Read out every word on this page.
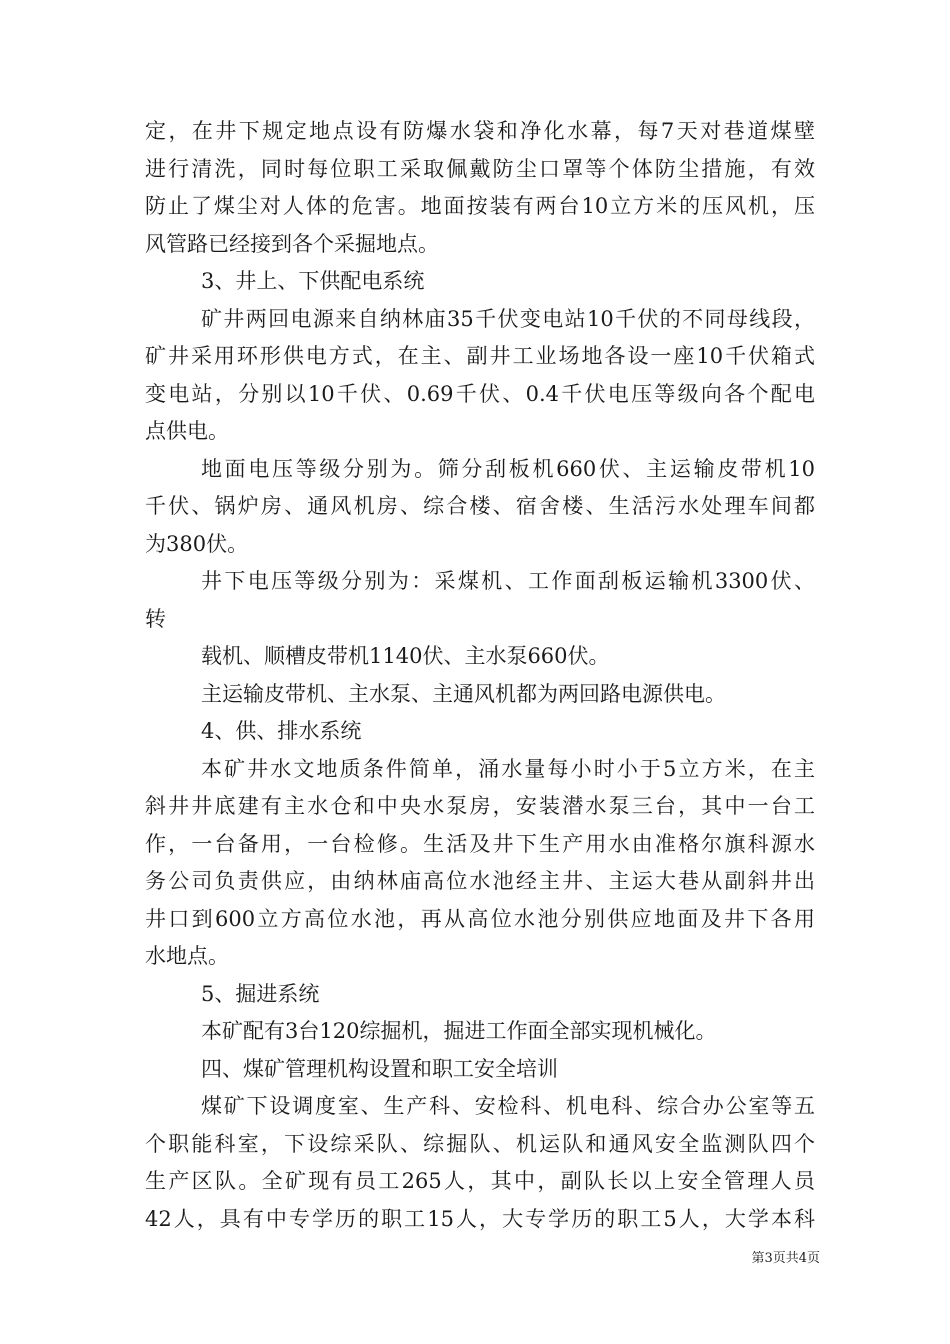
定，在井下规定地点设有防爆水袋和净化水幕，每7天对巷道煤壁
进行清洗，同时每位职工采取佩戴防尘口罩等个体防尘措施，有效
防止了煤尘对人体的危害。地面按装有两台10立方米的压风机，压
风管路已经接到各个采掘地点。
3、井上、下供配电系统
矿井两回电源来自纳林庙35千伏变电站10千伏的不同母线段，
矿井采用环形供电方式，在主、副井工业场地各设一座10千伏箱式
变电站，分别以10千伏、0.69千伏、0.4千伏电压等级向各个配电
点供电。
地面电压等级分别为。筛分刮板机660伏、主运输皮带机10
千伏、锅炉房、通风机房、综合楼、宿舍楼、生活污水处理车间都
为380伏。
井下电压等级分别为：采煤机、工作面刮板运输机3300伏、
转
载机、顺槽皮带机1140伏、主水泵660伏。
主运输皮带机、主水泵、主通风机都为两回路电源供电。
4、供、排水系统
本矿井水文地质条件简单，涌水量每小时小于5立方米，在主
斜井井底建有主水仓和中央水泵房，安装潜水泵三台，其中一台工
作，一台备用，一台检修。生活及井下生产用水由准格尔旗科源水
务公司负责供应，由纳林庙高位水池经主井、主运大巷从副斜井出
井口到600立方高位水池，再从高位水池分别供应地面及井下各用
水地点。
5、掘进系统
本矿配有3台120综掘机，掘进工作面全部实现机械化。
四、煤矿管理机构设置和职工安全培训
煤矿下设调度室、生产科、安检科、机电科、综合办公室等五
个职能科室，下设综采队、综掘队、机运队和通风安全监测队四个
生产区队。全矿现有员工265人，其中，副队长以上安全管理人员
42人，具有中专学历的职工15人，大专学历的职工5人，大学本科
第3页共4页
